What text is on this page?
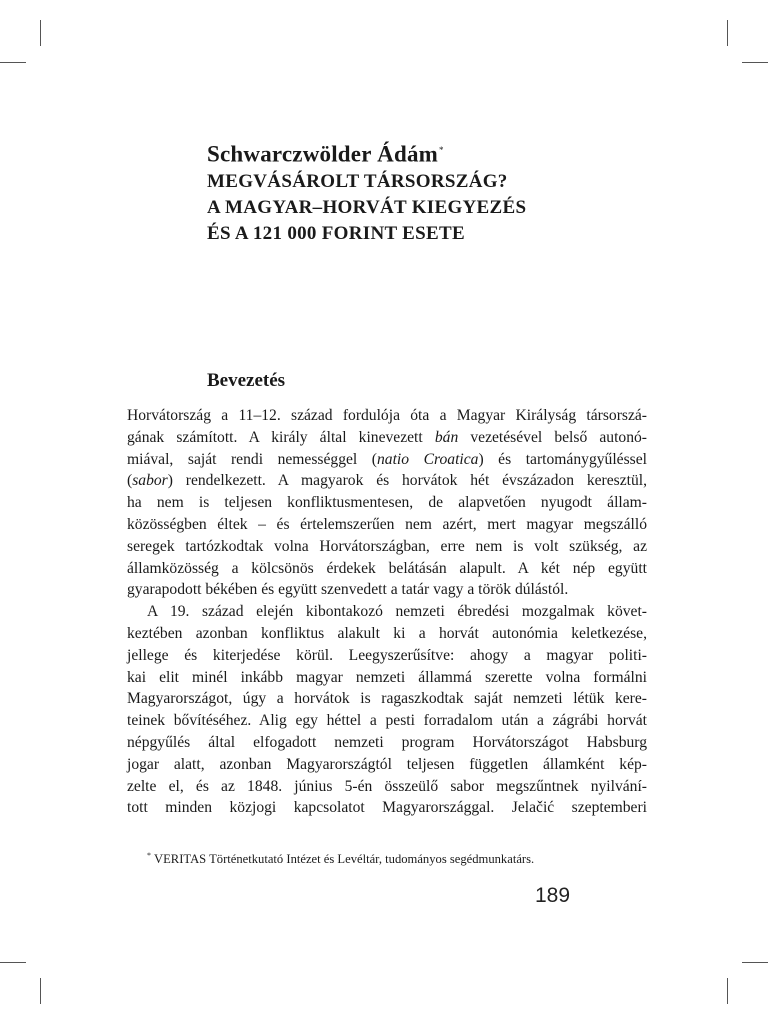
Schwarczwölder Ádám*
MEGVÁSÁROLT TÁRSORSZÁG?
A MAGYAR–HORVÁT KIEGYEZÉS
ÉS A 121 000 FORINT ESETE
Bevezetés
Horvátország a 11–12. század fordulója óta a Magyar Királyság társorszá-
gának számított. A király által kinevezett bán vezetésével belső autonó-
miával, saját rendi nemességgel (natio Croatica) és tartománygyűléssel
(sabor) rendelkezett. A magyarok és horvátok hét évszázadon keresztül,
ha nem is teljesen konfliktusmentesen, de alapvetően nyugodt állam-
közösségben éltek – és értelemszerűen nem azért, mert magyar megszálló
seregek tartózkodtak volna Horvátországban, erre nem is volt szükség, az
államközösség a kölcsönös érdekek belátásán alapult. A két nép együtt
gyarapodott békében és együtt szenvedett a tatár vagy a török dúlástól.
A 19. század elején kibontakozó nemzeti ébredési mozgalmak követ-
keztében azonban konfliktus alakult ki a horvát autonómia keletkezése,
jellege és kiterjedése körül. Leegyszerűsítve: ahogy a magyar politi-
kai elit minél inkább magyar nemzeti állammá szerette volna formálni
Magyarországot, úgy a horvátok is ragaszkodtak saját nemzeti létük kere-
teinek bővítéséhez. Alig egy héttel a pesti forradalom után a zágrábi horvát
népgyűlés által elfogadott nemzeti program Horvátországot Habsburg
jogar alatt, azonban Magyarországtól teljesen független államként kép-
zelte el, és az 1848. június 5-én összeülő sabor megszűntnek nyilvání-
tott minden közjogi kapcsolatot Magyarországgal. Jelačić szeptemberi
* VERITAS Történetkutató Intézet és Levéltár, tudományos segédmunkatárs.
189
